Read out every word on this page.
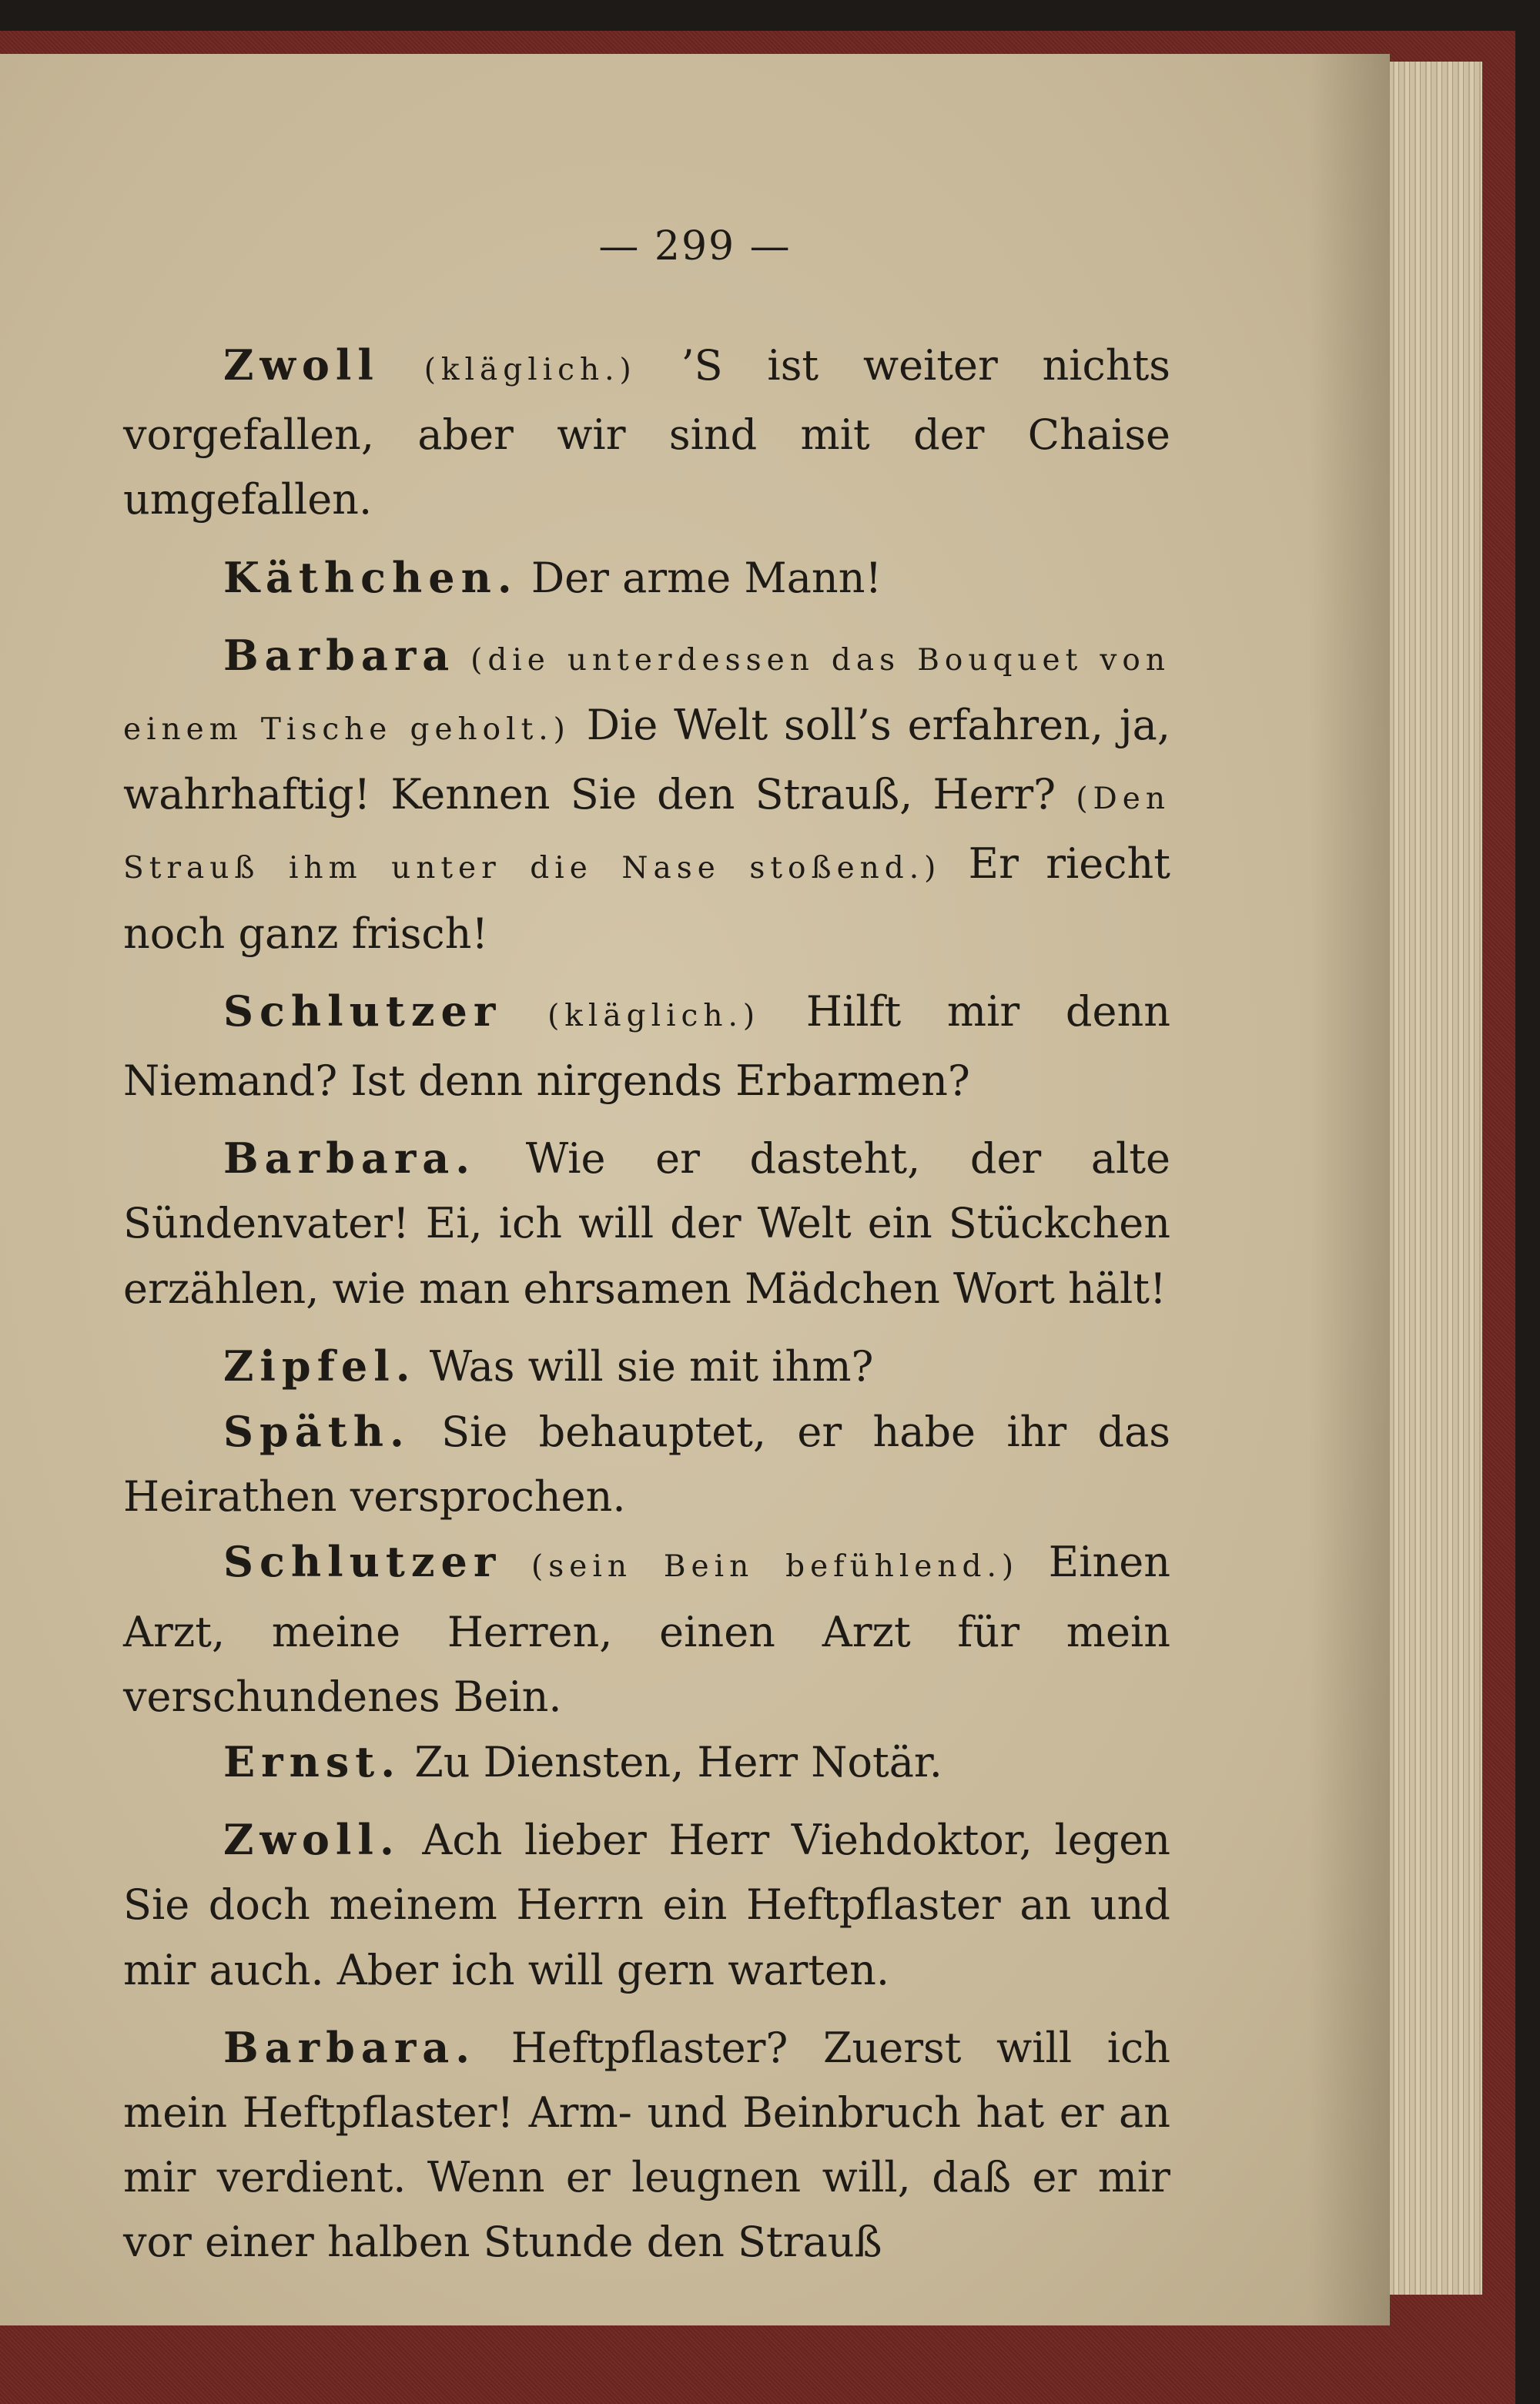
— 299 —

Zwoll (kläglich.) ’S ist weiter nichts vorgefallen, aber wir sind mit der Chaise umgefallen.

Käthchen. Der arme Mann!

Barbara (die unterdessen das Bouquet von einem Tische geholt.) Die Welt soll’s erfahren, ja, wahrhaftig! Kennen Sie den Strauß, Herr? (Den Strauß ihm unter die Nase stoßend.) Er riecht noch ganz frisch!

Schlutzer (kläglich.) Hilft mir denn Niemand? Ist denn nirgends Erbarmen?

Barbara. Wie er dasteht, der alte Sündenvater! Ei, ich will der Welt ein Stückchen erzählen, wie man ehrsamen Mädchen Wort hält!

Zipfel. Was will sie mit ihm?

Späth. Sie behauptet, er habe ihr das Heirathen versprochen.

Schlutzer (sein Bein befühlend.) Einen Arzt, meine Herren, einen Arzt für mein verschundenes Bein.

Ernst. Zu Diensten, Herr Notär.

Zwoll. Ach lieber Herr Viehdoktor, legen Sie doch meinem Herrn ein Heftpflaster an und mir auch. Aber ich will gern warten.

Barbara. Heftpflaster? Zuerst will ich mein Heftpflaster! Arm- und Beinbruch hat er an mir verdient. Wenn er leugnen will, daß er mir vor einer halben Stunde den Strauß
